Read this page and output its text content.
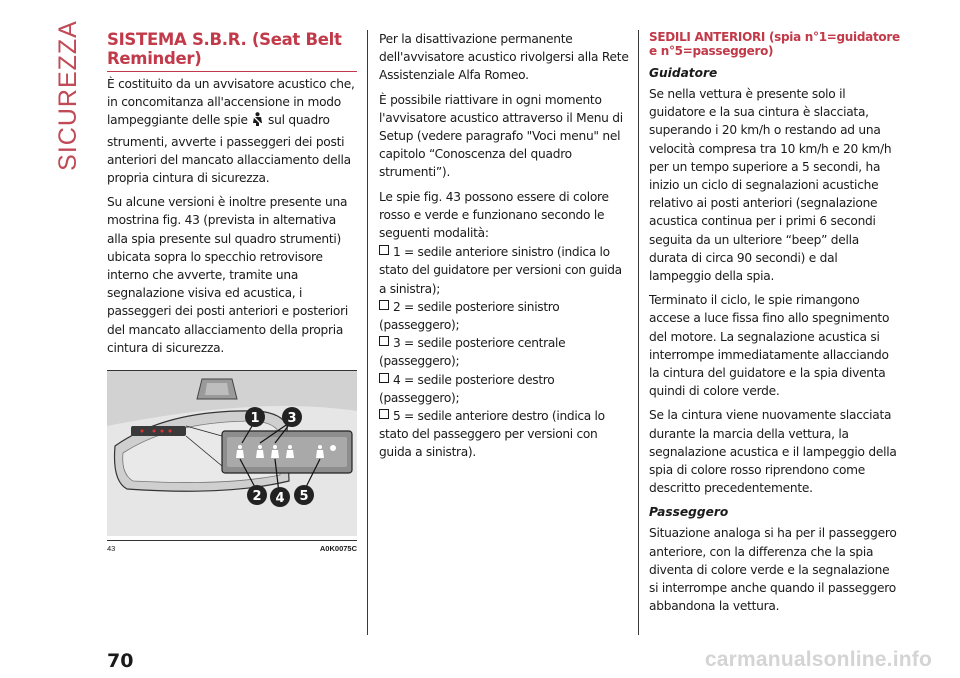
SICUREZZA SISTEMA S.B.R. (Seat Belt Reminder)

È costituito da un avvisatore acustico che, in concomitanza all'accensione in modo lampeggiante delle spie  sul quadro strumenti, avverte i passeggeri dei posti anteriori del mancato allacciamento della propria cintura di sicurezza.

Su alcune versioni è inoltre presente una mostrina fig. 43 (prevista in alternativa alla spia presente sul quadro strumenti) ubicata sopra lo specchio retrovisore interno che avverte, tramite una segnalazione visiva ed acustica, i passeggeri dei posti anteriori e posteriori del mancato allacciamento della propria cintura di sicurezza.

1 3
2 4 5
43	A0K0075C

Per la disattivazione permanente dell'avvisatore acustico rivolgersi alla Rete Assistenziale Alfa Romeo.

È possibile riattivare in ogni momento l'avvisatore acustico attraverso il Menu di Setup (vedere paragrafo "Voci menu" nel capitolo “Conoscenza del quadro strumenti”).

Le spie fig. 43 possono essere di colore rosso e verde e funzionano secondo le seguenti modalità:

1 = sedile anteriore sinistro (indica lo stato del guidatore per versioni con guida a sinistra);
2 = sedile posteriore sinistro (passeggero);
3 = sedile posteriore centrale (passeggero);
4 = sedile posteriore destro (passeggero);
5 = sedile anteriore destro (indica lo stato del passeggero per versioni con guida a sinistra).
SEDILI ANTERIORI (spia n°1=guidatore e n°5=passeggero)
Guidatore

Se nella vettura è presente solo il guidatore e la sua cintura è slacciata, superando i 20 km/h o restando ad una velocità compresa tra 10 km/h e 20 km/h per un tempo superiore a 5 secondi, ha inizio un ciclo di segnalazioni acustiche relativo ai posti anteriori (segnalazione acustica continua per i primi 6 secondi seguita da un ulteriore “beep” della durata di circa 90 secondi) e dal lampeggio della spia.

Terminato il ciclo, le spie rimangono accese a luce fissa fino allo spegnimento del motore. La segnalazione acustica si interrompe immediatamente allacciando la cintura del guidatore e la spia diventa quindi di colore verde.

Se la cintura viene nuovamente slacciata durante la marcia della vettura, la segnalazione acustica e il lampeggio della spia di colore rosso riprendono come descritto precedentemente.

Passeggero

Situazione analoga si ha per il passeggero anteriore, con la differenza che la spia diventa di colore verde e la segnalazione si interrompe anche quando il passeggero abbandona la vettura.

70	carmanualsonline.info
